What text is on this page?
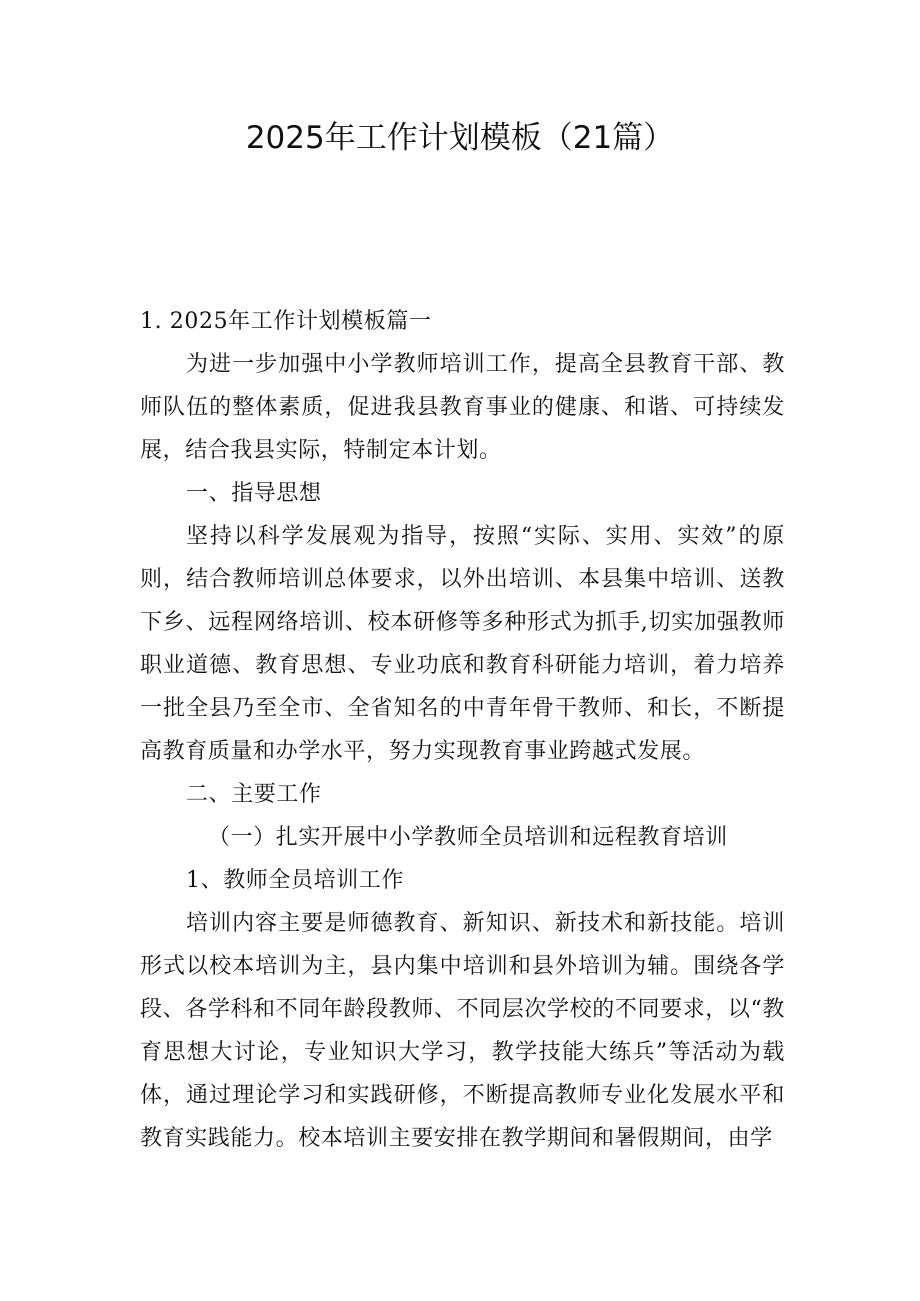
2025年工作计划模板（21篇）

1. 2025年工作计划模板篇一

为进一步加强中小学教师培训工作，提高全县教育干部、教师队伍的整体素质，促进我县教育事业的健康、和谐、可持续发展，结合我县实际，特制定本计划。

一、指导思想

坚持以科学发展观为指导，按照“实际、实用、实效”的原则，结合教师培训总体要求，以外出培训、本县集中培训、送教下乡、远程网络培训、校本研修等多种形式为抓手,切实加强教师职业道德、教育思想、专业功底和教育科研能力培训，着力培养一批全县乃至全市、全省知名的中青年骨干教师、和长，不断提高教育质量和办学水平，努力实现教育事业跨越式发展。

二、主要工作

（一）扎实开展中小学教师全员培训和远程教育培训

1、教师全员培训工作

培训内容主要是师德教育、新知识、新技术和新技能。培训形式以校本培训为主，县内集中培训和县外培训为辅。围绕各学段、各学科和不同年龄段教师、不同层次学校的不同要求，以“教育思想大讨论，专业知识大学习，教学技能大练兵”等活动为载体，通过理论学习和实践研修，不断提高教师专业化发展水平和教育实践能力。校本培训主要安排在教学期间和暑假期间，由学
